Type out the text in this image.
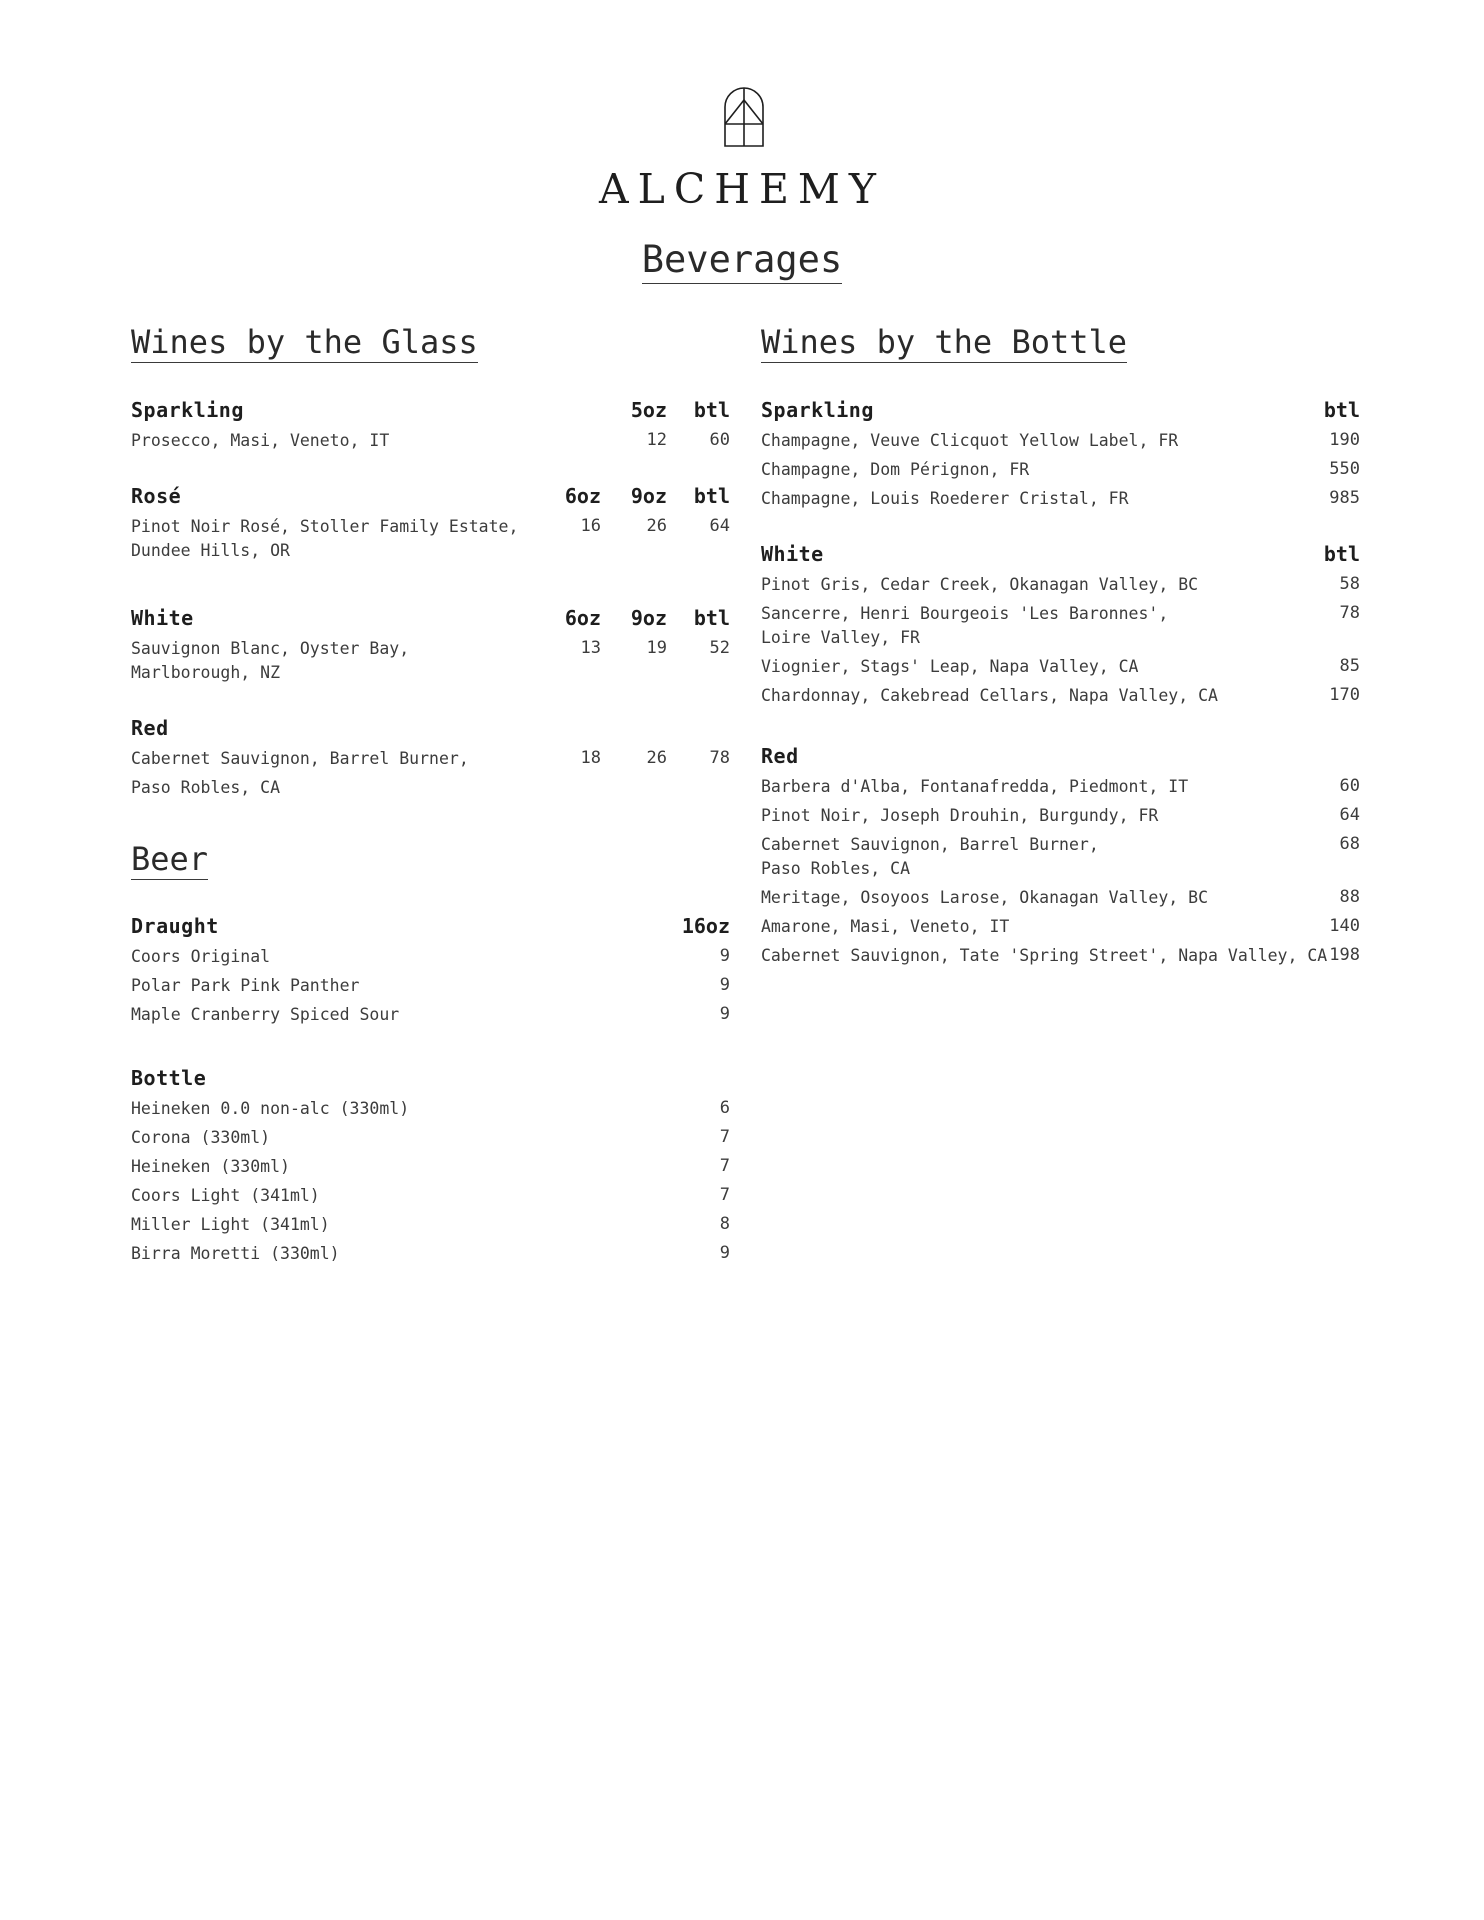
ALCHEMY
Beverages
Wines by the Glass
Sparkling	5oz	btl
Prosecco, Masi, Veneto, IT	12	60
Rosé	6oz	9oz	btl
Pinot Noir Rosé, Stoller Family Estate,
Dundee Hills, OR
16	26	64
White	6oz	9oz	btl
Sauvignon Blanc, Oyster Bay,
Marlborough, NZ
13	19	52
Red
Cabernet Sauvignon, Barrel Burner,
Paso Robles, CA
18	26	78
Beer
Draught	16oz
Coors Original	9
Polar Park Pink Panther	9
Maple Cranberry Spiced Sour	9
Bottle
Heineken 0.0 non-alc (330ml)	6
Corona (330ml)	7
Heineken (330ml)	7
Coors Light (341ml)	7
Miller Light (341ml)	8
Birra Moretti (330ml)	9
Wines by the Bottle
Sparkling	btl
Champagne, Veuve Clicquot Yellow Label, FR	190
Champagne, Dom Pérignon, FR	550
Champagne, Louis Roederer Cristal, FR	985
White	btl
Pinot Gris, Cedar Creek, Okanagan Valley, BC	58
Sancerre, Henri Bourgeois 'Les Baronnes',
Loire Valley, FR
78
Viognier, Stags' Leap, Napa Valley, CA	85
Chardonnay, Cakebread Cellars, Napa Valley, CA	170
Red
Barbera d'Alba, Fontanafredda, Piedmont, IT	60
Pinot Noir, Joseph Drouhin, Burgundy, FR	64
Cabernet Sauvignon, Barrel Burner,
Paso Robles, CA
68
Meritage, Osoyoos Larose, Okanagan Valley, BC	88
Amarone, Masi, Veneto, IT	140
Cabernet Sauvignon, Tate 'Spring Street', Napa Valley, CA 198
